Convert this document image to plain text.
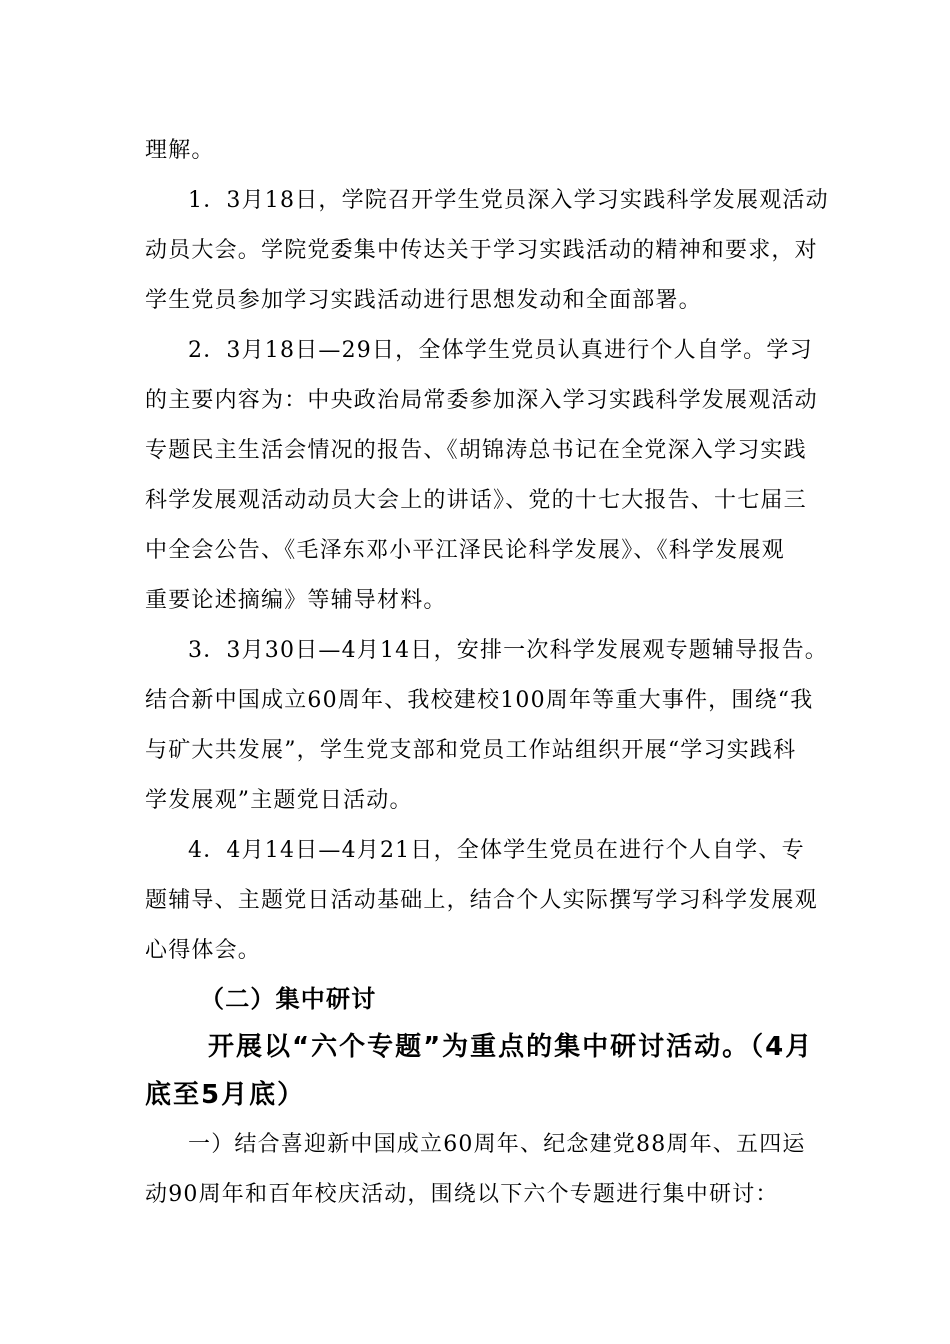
理解。
1．3月18日，学院召开学生党员深入学习实践科学发展观活动
动员大会。学院党委集中传达关于学习实践活动的精神和要求，对
学生党员参加学习实践活动进行思想发动和全面部署。
2．3月18日—29日，全体学生党员认真进行个人自学。学习
的主要内容为：中央政治局常委参加深入学习实践科学发展观活动
专题民主生活会情况的报告、《胡锦涛总书记在全党深入学习实践
科学发展观活动动员大会上的讲话》、党的十七大报告、十七届三
中全会公告、《毛泽东邓小平江泽民论科学发展》、《科学发展观
重要论述摘编》等辅导材料。
3．3月30日—4月14日，安排一次科学发展观专题辅导报告。
结合新中国成立60周年、我校建校100周年等重大事件，围绕“我
与矿大共发展”，学生党支部和党员工作站组织开展“学习实践科
学发展观”主题党日活动。
4．4月14日—4月21日，全体学生党员在进行个人自学、专
题辅导、主题党日活动基础上，结合个人实际撰写学习科学发展观
心得体会。
（二）集中研讨
开展以“六个专题”为重点的集中研讨活动。（4月
底至5月底）
一）结合喜迎新中国成立60周年、纪念建党88周年、五四运
动90周年和百年校庆活动，围绕以下六个专题进行集中研讨：
